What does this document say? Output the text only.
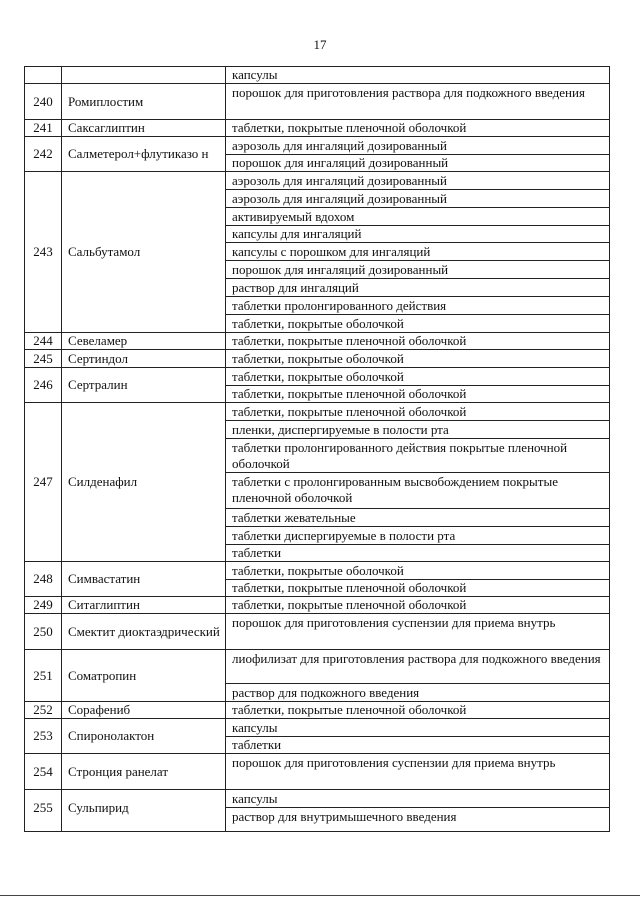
17
240
241
242
243
244
245
246
247
248
249
250
251
252
253
254
255
Ромиплостим
Саксаглиптин
Салметерол+флутиказо н
Сальбутамол
Севеламер
Сертиндол
Сертралин
Силденафил
Симвастатин
Ситаглиптин
Смектит диоктаэдрический
Соматропин
Сорафениб
Спиронолактон
Стронция ранелат
Сульпирид
капсулы
порошок для приготовления раствора для подкожного введения
таблетки, покрытые пленочной оболочкой
аэрозоль для ингаляций дозированный
порошок для ингаляций дозированный
аэрозоль для ингаляций дозированный
аэрозоль для ингаляций дозированный
активируемый вдохом
капсулы для ингаляций
капсулы с порошком для ингаляций
порошок для ингаляций дозированный
раствор для ингаляций
таблетки пролонгированного действия
таблетки, покрытые оболочкой
таблетки, покрытые пленочной оболочкой
таблетки, покрытые оболочкой
таблетки, покрытые оболочкой
таблетки, покрытые пленочной оболочкой
таблетки, покрытые пленочной оболочкой
пленки, диспергируемые в полости рта
таблетки пролонгированного действия покрытые пленочной оболочкой
таблетки с пролонгированным высвобождением покрытые пленочной оболочкой
таблетки жевательные
таблетки диспергируемые в полости рта
таблетки
таблетки, покрытые оболочкой
таблетки, покрытые пленочной оболочкой
таблетки, покрытые пленочной оболочкой
порошок для приготовления суспензии для приема внутрь
лиофилизат для приготовления раствора для подкожного введения
раствор для подкожного введения
таблетки, покрытые пленочной оболочкой
капсулы
таблетки
порошок для приготовления суспензии для приема внутрь
капсулы
раствор для внутримышечного введения
